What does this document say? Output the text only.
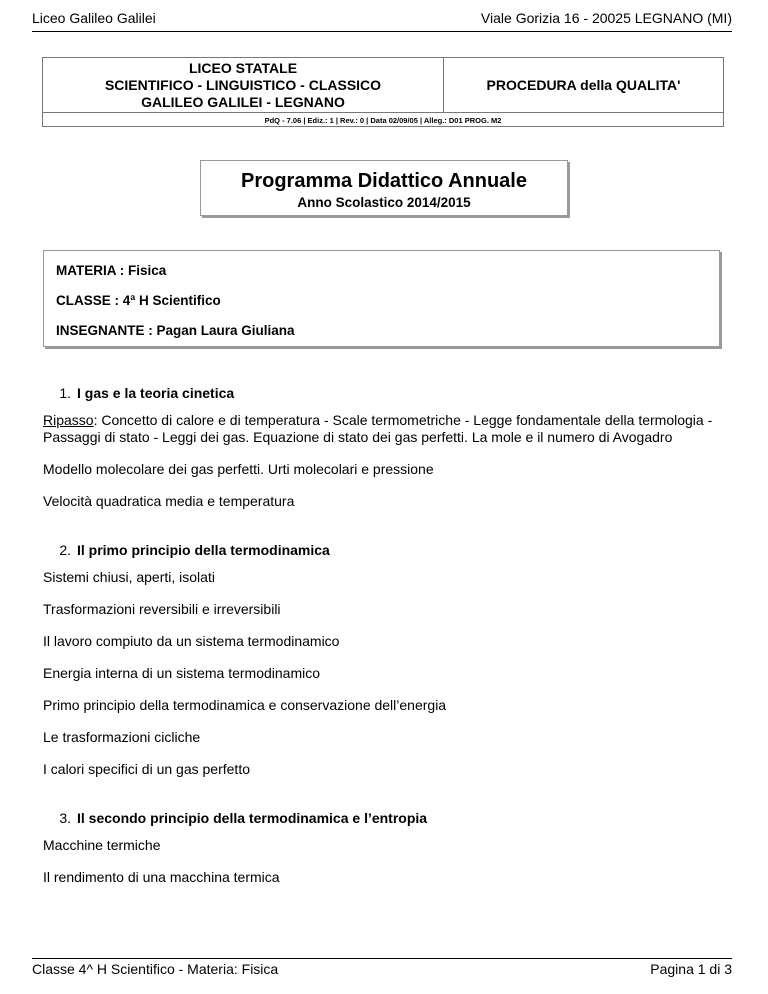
Liceo Galileo Galilei	Viale Gorizia 16 - 20025 LEGNANO (MI)
LICEO STATALE
SCIENTIFICO - LINGUISTICO - CLASSICO
GALILEO GALILEI - LEGNANO
PROCEDURA della QUALITA'
PdQ - 7.06 | Ediz.: 1 | Rev.: 0 | Data 02/09/05 | Alleg.: D01 PROG. M2
Programma Didattico Annuale
Anno Scolastico 2014/2015
MATERIA : Fisica
CLASSE : 4ª H Scientifico
INSEGNANTE : Pagan Laura Giuliana

1. I gas e la teoria cinetica

Ripasso: Concetto di calore e di temperatura - Scale termometriche - Legge fondamentale della termologia - Passaggi di stato - Leggi dei gas. Equazione di stato dei gas perfetti. La mole e il numero di Avogadro

Modello molecolare dei gas perfetti. Urti molecolari e pressione

Velocità quadratica media e temperatura

2. Il primo principio della termodinamica

Sistemi chiusi, aperti, isolati

Trasformazioni reversibili e irreversibili

Il lavoro compiuto da un sistema termodinamico

Energia interna di un sistema termodinamico

Primo principio della termodinamica e conservazione dell’energia

Le trasformazioni cicliche

I calori specifici di un gas perfetto

3. Il secondo principio della termodinamica e l’entropia

Macchine termiche

Il rendimento di una macchina termica

Classe 4^ H Scientifico - Materia: Fisica	Pagina 1 di 3
